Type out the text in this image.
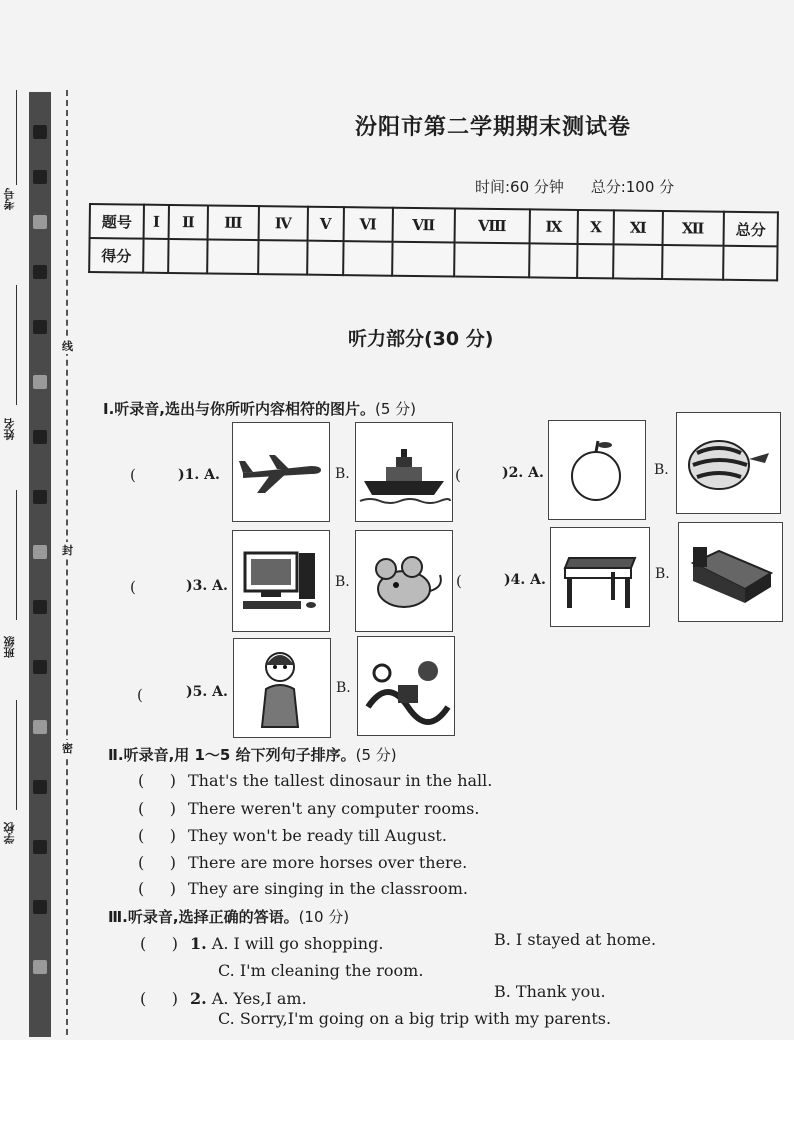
考号
姓名
班级
学校
线
封
密
汾阳市第二学期期末测试卷
时间:60 分钟 总分:100 分
题号	Ⅰ	Ⅱ	Ⅲ	Ⅳ	Ⅴ	Ⅵ	Ⅶ	Ⅷ	Ⅸ	Ⅹ	Ⅺ	Ⅻ	总分
得分													
听力部分(30 分)
Ⅰ.听录音,选出与你所听内容相符的图片。(5 分)
(	)1. A.	B.	(	)2. A.	B.
(	)3. A.	B.	(	)4. A.	B.
(	)5. A.	B.
Ⅱ.听录音,用 1～5 给下列句子排序。(5 分)
( ) That's the tallest dinosaur in the hall.
( ) There weren't any computer rooms.
( ) They won't be ready till August.
( ) There are more horses over there.
( ) They are singing in the classroom.
Ⅲ.听录音,选择正确的答语。(10 分)
( ) 1. A. I will go shopping.	B. I stayed at home.
C. I'm cleaning the room.
( ) 2. A. Yes,I am.	B. Thank you.
C. Sorry,I'm going on a big trip with my parents.
